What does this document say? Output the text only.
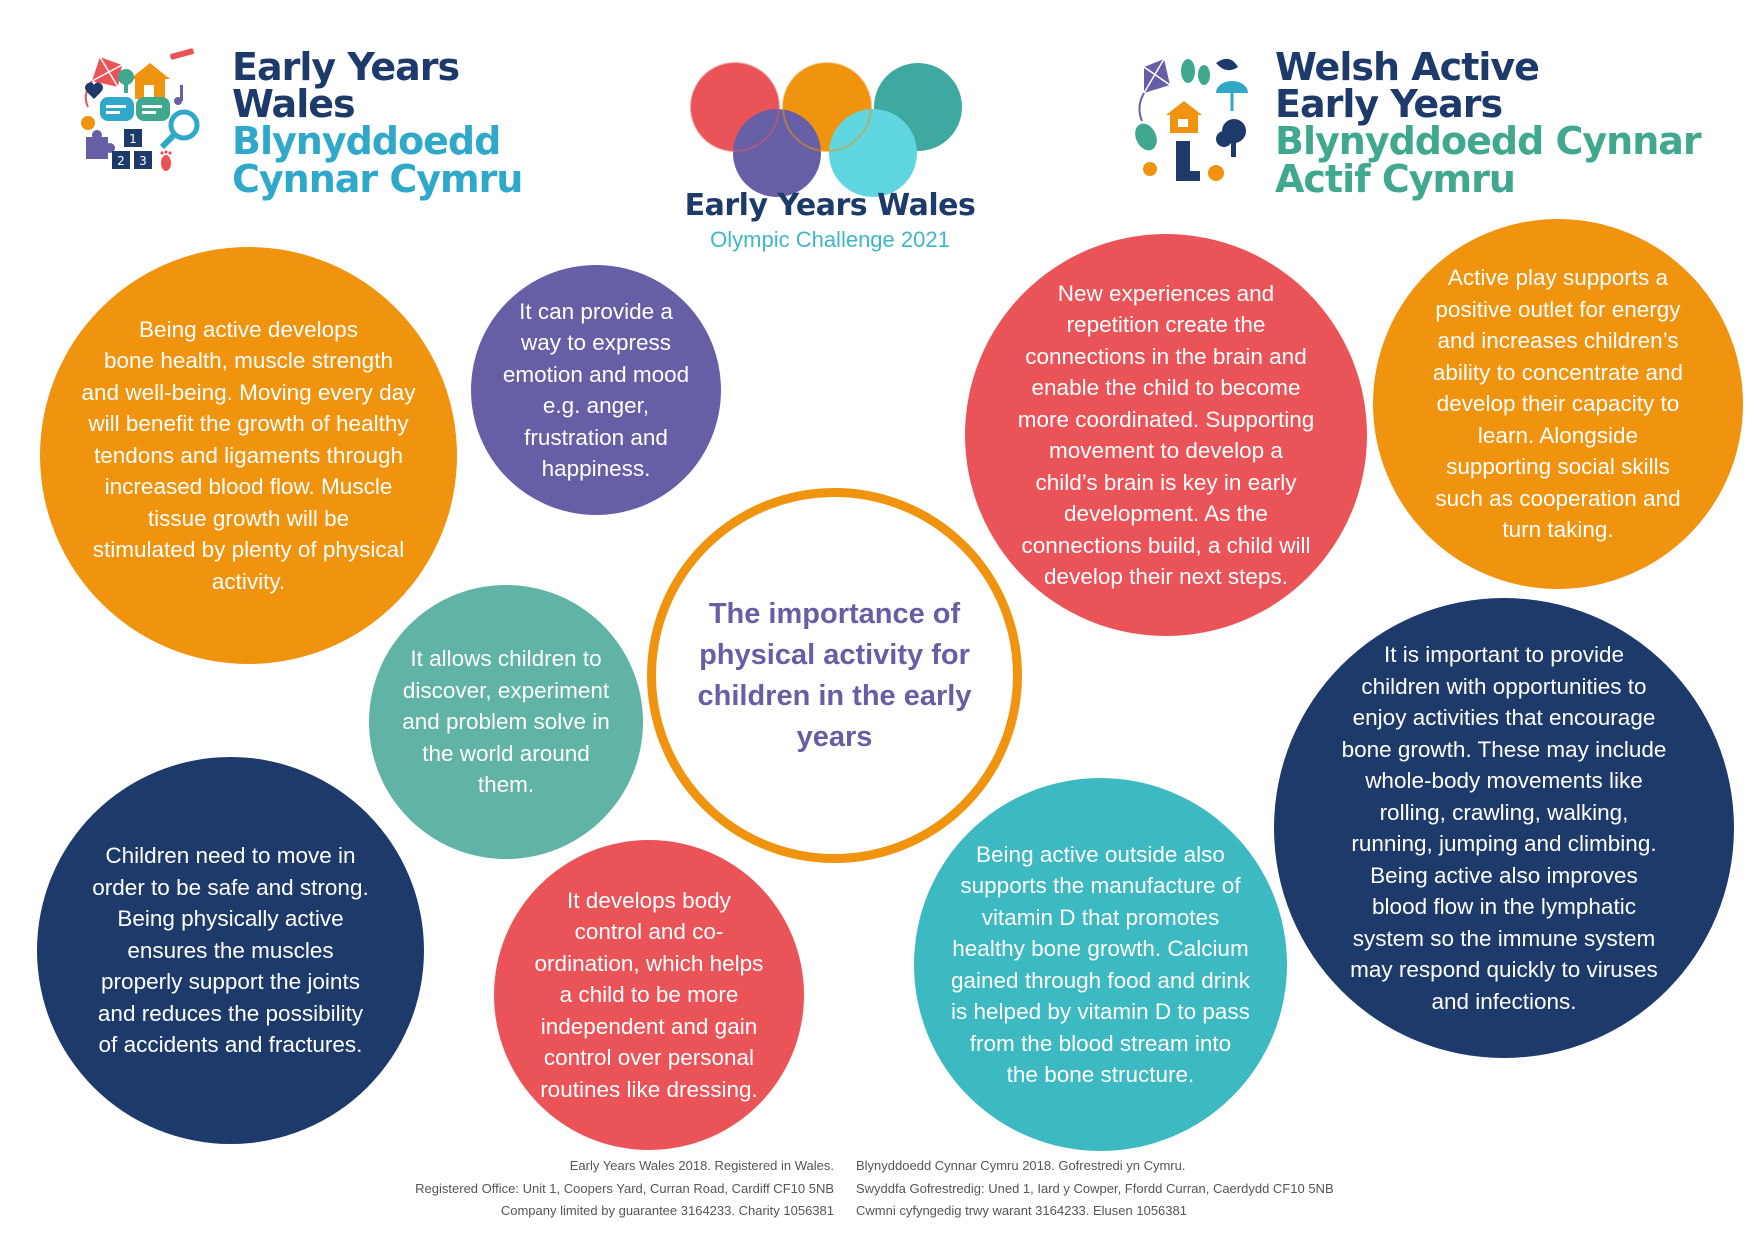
1
2 3
Early Years
Wales
Blynyddoedd
Cynnar Cymru
Early Years Wales
Olympic Challenge 2021
Welsh Active
Early Years
Blynyddoedd Cynnar
Actif Cymru
The importance of
physical activity for
children in the early
years
Being active develops
bone health, muscle strength
and well-being. Moving every day
will benefit the growth of healthy
tendons and ligaments through
increased blood flow. Muscle
tissue growth will be
stimulated by plenty of physical
activity.
It can provide a
way to express
emotion and mood
e.g. anger,
frustration and
happiness.
It allows children to
discover, experiment
and problem solve in
the world around
them.
Children need to move in
order to be safe and strong.
Being physically active
ensures the muscles
properly support the joints
and reduces the possibility
of accidents and fractures.
It develops body
control and co-
ordination, which helps
a child to be more
independent and gain
control over personal
routines like dressing.
New experiences and
repetition create the
connections in the brain and
enable the child to become
more coordinated. Supporting
movement to develop a
child’s brain is key in early
development. As the
connections build, a child will
develop their next steps.
Active play supports a
positive outlet for energy
and increases children’s
ability to concentrate and
develop their capacity to
learn. Alongside
supporting social skills
such as cooperation and
turn taking.
Being active outside also
supports the manufacture of
vitamin D that promotes
healthy bone growth. Calcium
gained through food and drink
is helped by vitamin D to pass
from the blood stream into
the bone structure.
It is important to provide
children with opportunities to
enjoy activities that encourage
bone growth. These may include
whole-body movements like
rolling, crawling, walking,
running, jumping and climbing.
Being active also improves
blood flow in the lymphatic
system so the immune system
may respond quickly to viruses
and infections.
Early Years Wales 2018. Registered in Wales.
Registered Office: Unit 1, Coopers Yard, Curran Road, Cardiff CF10 5NB
Company limited by guarantee 3164233. Charity 1056381
Blynyddoedd Cynnar Cymru 2018. Gofrestredi yn Cymru.
Swyddfa Gofrestredig: Uned 1, Iard y Cowper, Ffordd Curran, Caerdydd CF10 5NB
Cwmni cyfyngedig trwy warant 3164233. Elusen 1056381
